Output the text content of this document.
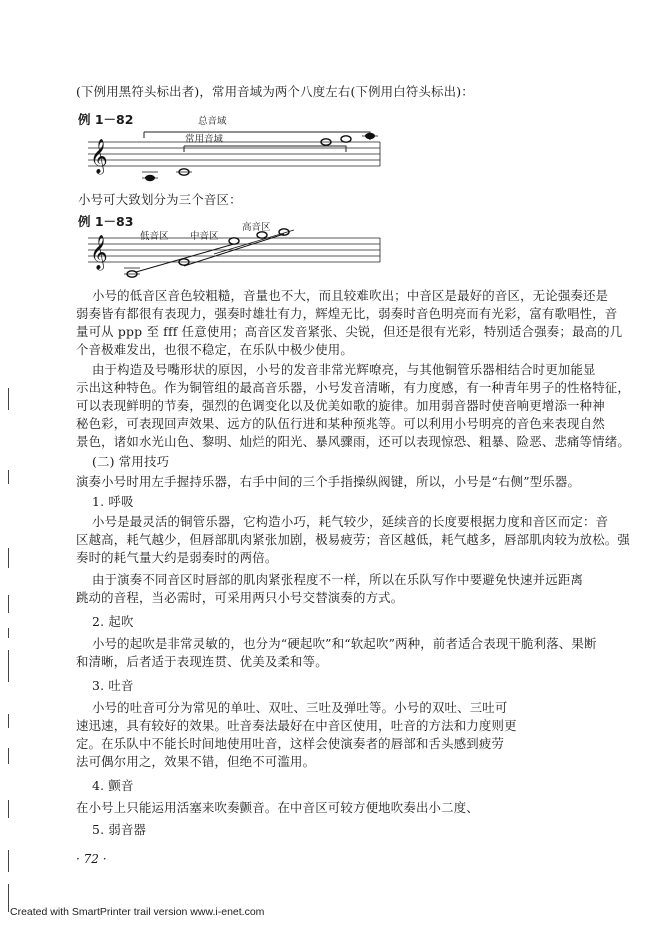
(下例用黑符头标出者)，常用音域为两个八度左右(下例用白符头标出)：
例 1－82	总音域
常用音域
𝄞
小号可大致划分为三个音区：
例 1－83
低音区 中音区
高音区
𝄞
小号的低音区音色较粗糙，音量也不大，而且较难吹出；中音区是最好的音区，无论强奏还是
弱奏皆有都很有表现力，强奏时雄壮有力，辉煌无比，弱奏时音色明亮而有光彩，富有歌唱性，音
量可从 ppp 至 fff 任意使用；高音区发音紧张、尖锐，但还是很有光彩，特别适合强奏；最高的几
个音极难发出，也很不稳定，在乐队中极少使用。
由于构造及号嘴形状的原因，小号的发音非常光辉嘹亮，与其他铜管乐器相结合时更加能显
示出这种特色。作为铜管组的最高音乐器，小号发音清晰，有力度感，有一种青年男子的性格特征，
可以表现鲜明的节奏，强烈的色调变化以及优美如歌的旋律。加用弱音器时使音响更增添一种神
秘色彩，可表现回声效果、远方的队伍行进和某种预兆等。可以利用小号明亮的音色来表现自然
景色，诸如水光山色、黎明、灿烂的阳光、暴风骤雨，还可以表现惊恐、粗暴、险恶、悲痛等情绪。
(二) 常用技巧
演奏小号时用左手握持乐器，右手中间的三个手指操纵阀键，所以，小号是“右侧”型乐器。
1. 呼吸
小号是最灵活的铜管乐器，它构造小巧，耗气较少，延续音的长度要根据力度和音区而定：音
区越高，耗气越少，但唇部肌肉紧张加剧，极易疲劳；音区越低，耗气越多，唇部肌肉较为放松。强
奏时的耗气量大约是弱奏时的两倍。
由于演奏不同音区时唇部的肌肉紧张程度不一样，所以在乐队写作中要避免快速并远距离
跳动的音程，当必需时，可采用两只小号交替演奏的方式。
2. 起吹
小号的起吹是非常灵敏的，也分为“硬起吹”和“软起吹”两种，前者适合表现干脆利落、果断
和清晰，后者适于表现连贯、优美及柔和等。
3. 吐音
小号的吐音可分为常见的单吐、双吐、三吐及弹吐等。小号的双吐、三吐可
速迅速，具有较好的效果。吐音奏法最好在中音区使用，吐音的方法和力度则更
定。在乐队中不能长时间地使用吐音，这样会使演奏者的唇部和舌头感到疲劳
法可偶尔用之，效果不错，但绝不可滥用。
4. 颤音
在小号上只能运用活塞来吹奏颤音。在中音区可较方便地吹奏出小二度、
5. 弱音器
· 72 ·
Created with SmartPrinter trail version www.i-enet.com
